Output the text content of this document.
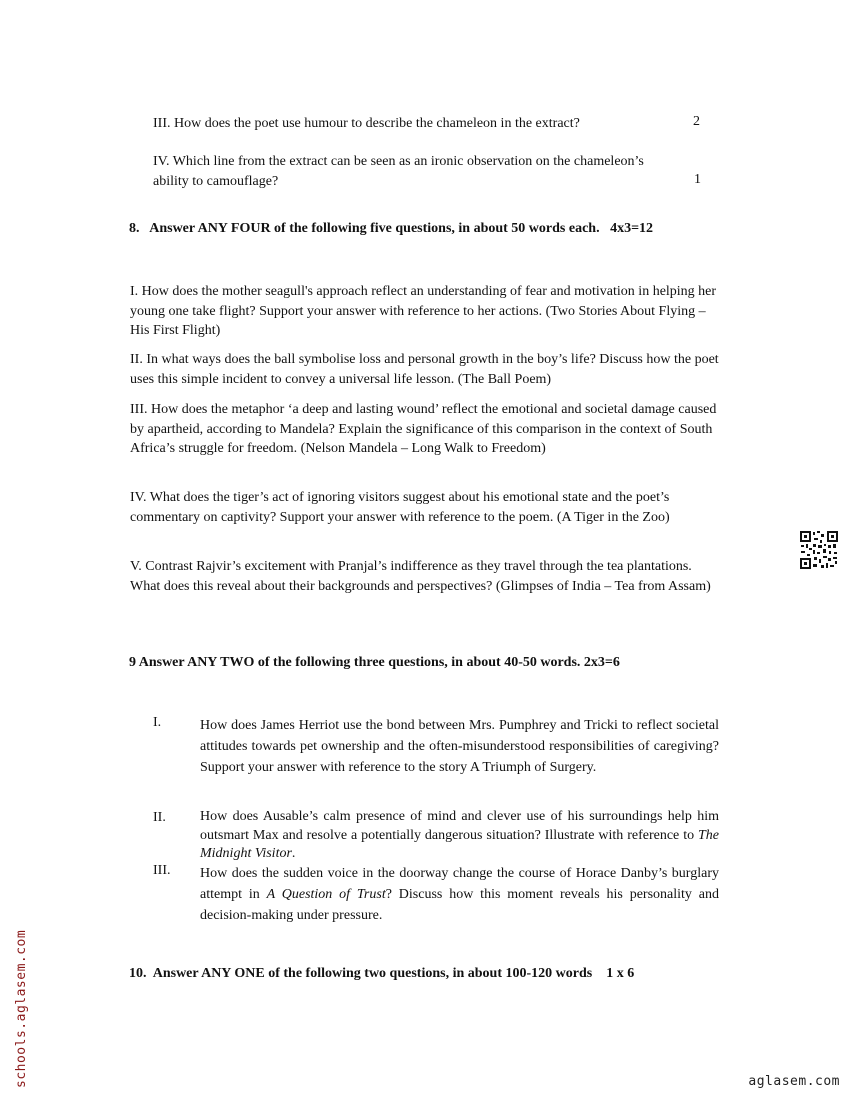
III. How does the poet use humour to describe the chameleon in the extract?	2
IV. Which line from the extract can be seen as an ironic observation on the chameleon’s
ability to camouflage?	1
8.   Answer ANY FOUR of the following five questions, in about 50 words each.   4x3=12
I. How does the mother seagull's approach reflect an understanding of fear and motivation in helping her young one take flight? Support your answer with reference to her actions. (Two Stories About Flying – His First Flight)
II. In what ways does the ball symbolise loss and personal growth in the boy’s life? Discuss how the poet uses this simple incident to convey a universal life lesson. (The Ball Poem)
III. How does the metaphor ‘a deep and lasting wound’ reflect the emotional and societal damage caused by apartheid, according to Mandela? Explain the significance of this comparison in the context of South Africa’s struggle for freedom. (Nelson Mandela – Long Walk to Freedom)
IV. What does the tiger’s act of ignoring visitors suggest about his emotional state and the poet’s commentary on captivity? Support your answer with reference to the poem. (A Tiger in the Zoo)
V. Contrast Rajvir’s excitement with Pranjal’s indifference as they travel through the tea plantations. What does this reveal about their backgrounds and perspectives? (Glimpses of India – Tea from Assam)
9 Answer ANY TWO of the following three questions, in about 40-50 words. 2x3=6
I.	How does James Herriot use the bond between Mrs. Pumphrey and Tricki to reflect societal attitudes towards pet ownership and the often-misunderstood responsibilities of caregiving? Support your answer with reference to the story A Triumph of Surgery.
II. How does Ausable’s calm presence of mind and clever use of his surroundings help him outsmart Max and resolve a potentially dangerous situation? Illustrate with reference to The Midnight Visitor.
III. How does the sudden voice in the doorway change the course of Horace Danby’s burglary attempt in A Question of Trust? Discuss how this moment reveals his personality and decision-making under pressure.
10.  Answer ANY ONE of the following two questions, in about 100-120 words    1 x 6
schools.aglasem.com	aglasem.com
